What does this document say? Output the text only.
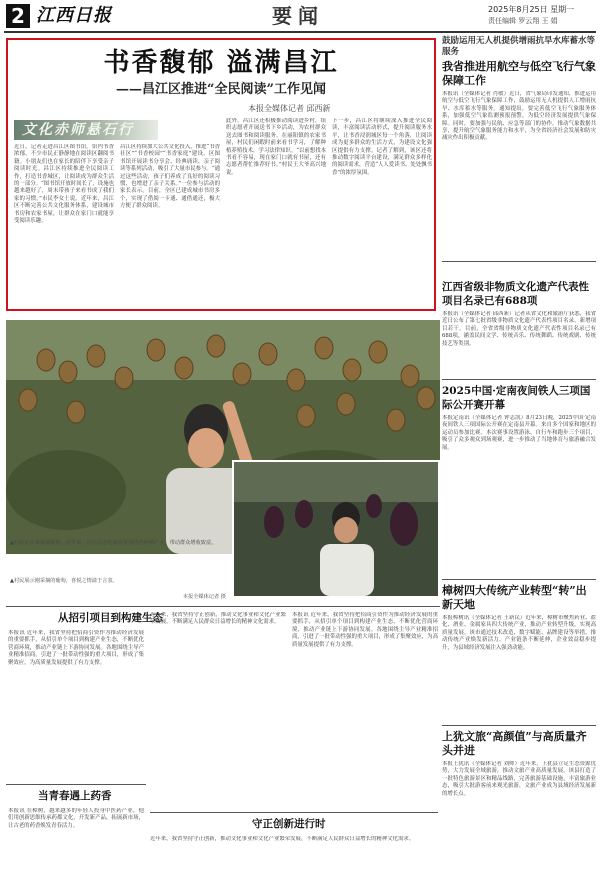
2 江西日报	要闻	2025年8月25日 星期一
责任编辑 罗云翔 王 娟
书香馥郁 溢满昌江
——昌江区推进“全民阅读”工作见闻
本报全媒体记者 邱西新
文化赤师悬石行
近日，记者走进昌江区图书馆。馆内书香浓郁，不少市民正静静地在阅读区翻阅书籍。小朋友们也在家长的陪伴下享受亲子阅读时光。昌江区持续推进全民阅读工作，打造书香城区，让阅读成为群众生活的一部分。“图书馆开放时间长了，设施也越来越好了，周末带孩子来看书成了我们家的习惯。”市民李女士说。近年来，昌江区不断完善公共文化服务体系，建设城市书房和农家书屋，让群众在家门口就能享受阅读乐趣。
昌江区持续加大公共文化投入，推进“书香社区”“书香校园”“书香家庭”建设。区图书馆开展读书分享会、经典诵读、亲子阅读等系列活动，吸引了大量市民参与。“通过这些活动，孩子们养成了良好的阅读习惯，也增进了亲子关系。”一位参与活动的家长表示。目前，全区已建成城市书房多个，实现了借阅一卡通、通借通还，极大方便了群众阅读。
此外，昌江区还积极推动阅读进乡村，组织志愿者开展送书下乡活动，为农村群众送去图书和阅读服务。在丽阳镇的农家书屋，村民们闲暇时前来看书学习，了解种植养殖技术，学习法律知识。“以前想找本书看不容易，现在家门口就有书屋，还有志愿者帮忙推荐好书。”村民王大爷高兴地说。
下一步，昌江区将继续深入推进全民阅读，丰富阅读活动形式，提升阅读服务水平，让书香浸润城区每一个角落，让阅读成为更多群众的生活方式，为建设文化强区提供有力支撑。记者了解到，该区还将推动数字阅读平台建设，满足群众多样化的阅读需求，营造“人人爱读书、处处飘书香”的浓厚氛围。
鼓励运用无人机提供增雨抗旱水库蓄水等服务
我省推进用航空与低空飞行气象保障工作
本报讯（全媒体记者 肖敏）近日，省气象局印发通知，推进运用航空与低空飞行气象保障工作，鼓励运用无人机提供人工增雨抗旱、水库蓄水等服务。通知提出，要完善低空飞行气象服务体系，加强低空气象监测预报预警，为低空经济发展提供气象保障。同时，要加强与民航、应急等部门的协作，推动气象数据共享，提升航空气象服务能力和水平，为全省经济社会发展和防灾减灾作出积极贡献。
江西省级非物质文化遗产代表性项目名录已有688项
本报讯（全媒体记者 邱西新）记者从省文化和旅游厅获悉，我省近日公布了第七批省级非物质文化遗产代表性项目名录，新增项目若干。目前，全省省级非物质文化遗产代表性项目名录已有688项，涵盖民间文学、传统音乐、传统舞蹈、传统戏剧、传统技艺等类别。
2025中国·定南夜间铁人三项国际公开赛开幕
本报定南讯（全媒体记者 钟志凯）8月23日晚，2025中国·定南夜间铁人三项国际公开赛在定南县开幕。来自多个国家和地区的运动员参加比赛。本次赛事设置游泳、自行车和跑步三个项目，吸引了众多观众到场观赛，进一步推动了当地体育与旅游融合发展。
樟树四大传统产业转型“转”出新天地
本报樟树讯（全媒体记者 王新民）近年来，樟树市聚焦药业、盐化、酒业、金属家具四大传统产业，推动产业转型升级，实现高质量发展。该市通过技术改造、数字赋能、品牌建设等举措，推动传统产业焕发新活力，产业链条不断延伸，企业效益稳步提升，为县域经济发展注入强劲动能。
上犹文旅“高颜值”与高质量齐头并进
本报上犹讯（全媒体记者 刘帅）近年来，上犹县立足生态资源优势，大力发展全域旅游，推动文旅产业高质量发展。该县打造了一批特色旅游景区和精品线路，完善旅游基础设施，丰富旅游业态，吸引大批游客前来观光旅游，文旅产业成为县域经济发展新的增长点。
▲村民正在采摘猕猴桃。近年来，昌江区因地制宜发展特色种植产业，带动群众增收致富。
▲村民展示刚采摘的葡萄，喜悦之情溢于言表。
本报全媒体记者 摄
从招引项目到构建生态
本报讯 近年来，我省坚持把招商引资作为推动经济发展的重要抓手，从招引单个项目到构建产业生态，不断优化营商环境，推动产业链上下游协同发展。各地围绕主导产业精准招商，引进了一批带动性强的重大项目，形成了集聚效应，为高质量发展提供了有力支撑。
近年来，我省坚持守正创新，推动文化事业和文化产业繁荣发展，不断满足人民群众日益增长的精神文化需求。
本报讯 近年来，我省坚持把招商引资作为推动经济发展的重要抓手，从招引单个项目到构建产业生态，不断优化营商环境，推动产业链上下游协同发展。各地围绕主导产业精准招商，引进了一批带动性强的重大项目，形成了集聚效应，为高质量发展提供了有力支撑。
当青春遇上药香
本报讯 在樟树，越来越多的年轻人投身中医药产业，他们用创新思维传承药都文化，开发新产品，拓展新市场，让古老的药香焕发青春活力。	守正创新进行时
近年来，我省坚持守正创新，推动文化事业和文化产业繁荣发展，不断满足人民群众日益增长的精神文化需求。
